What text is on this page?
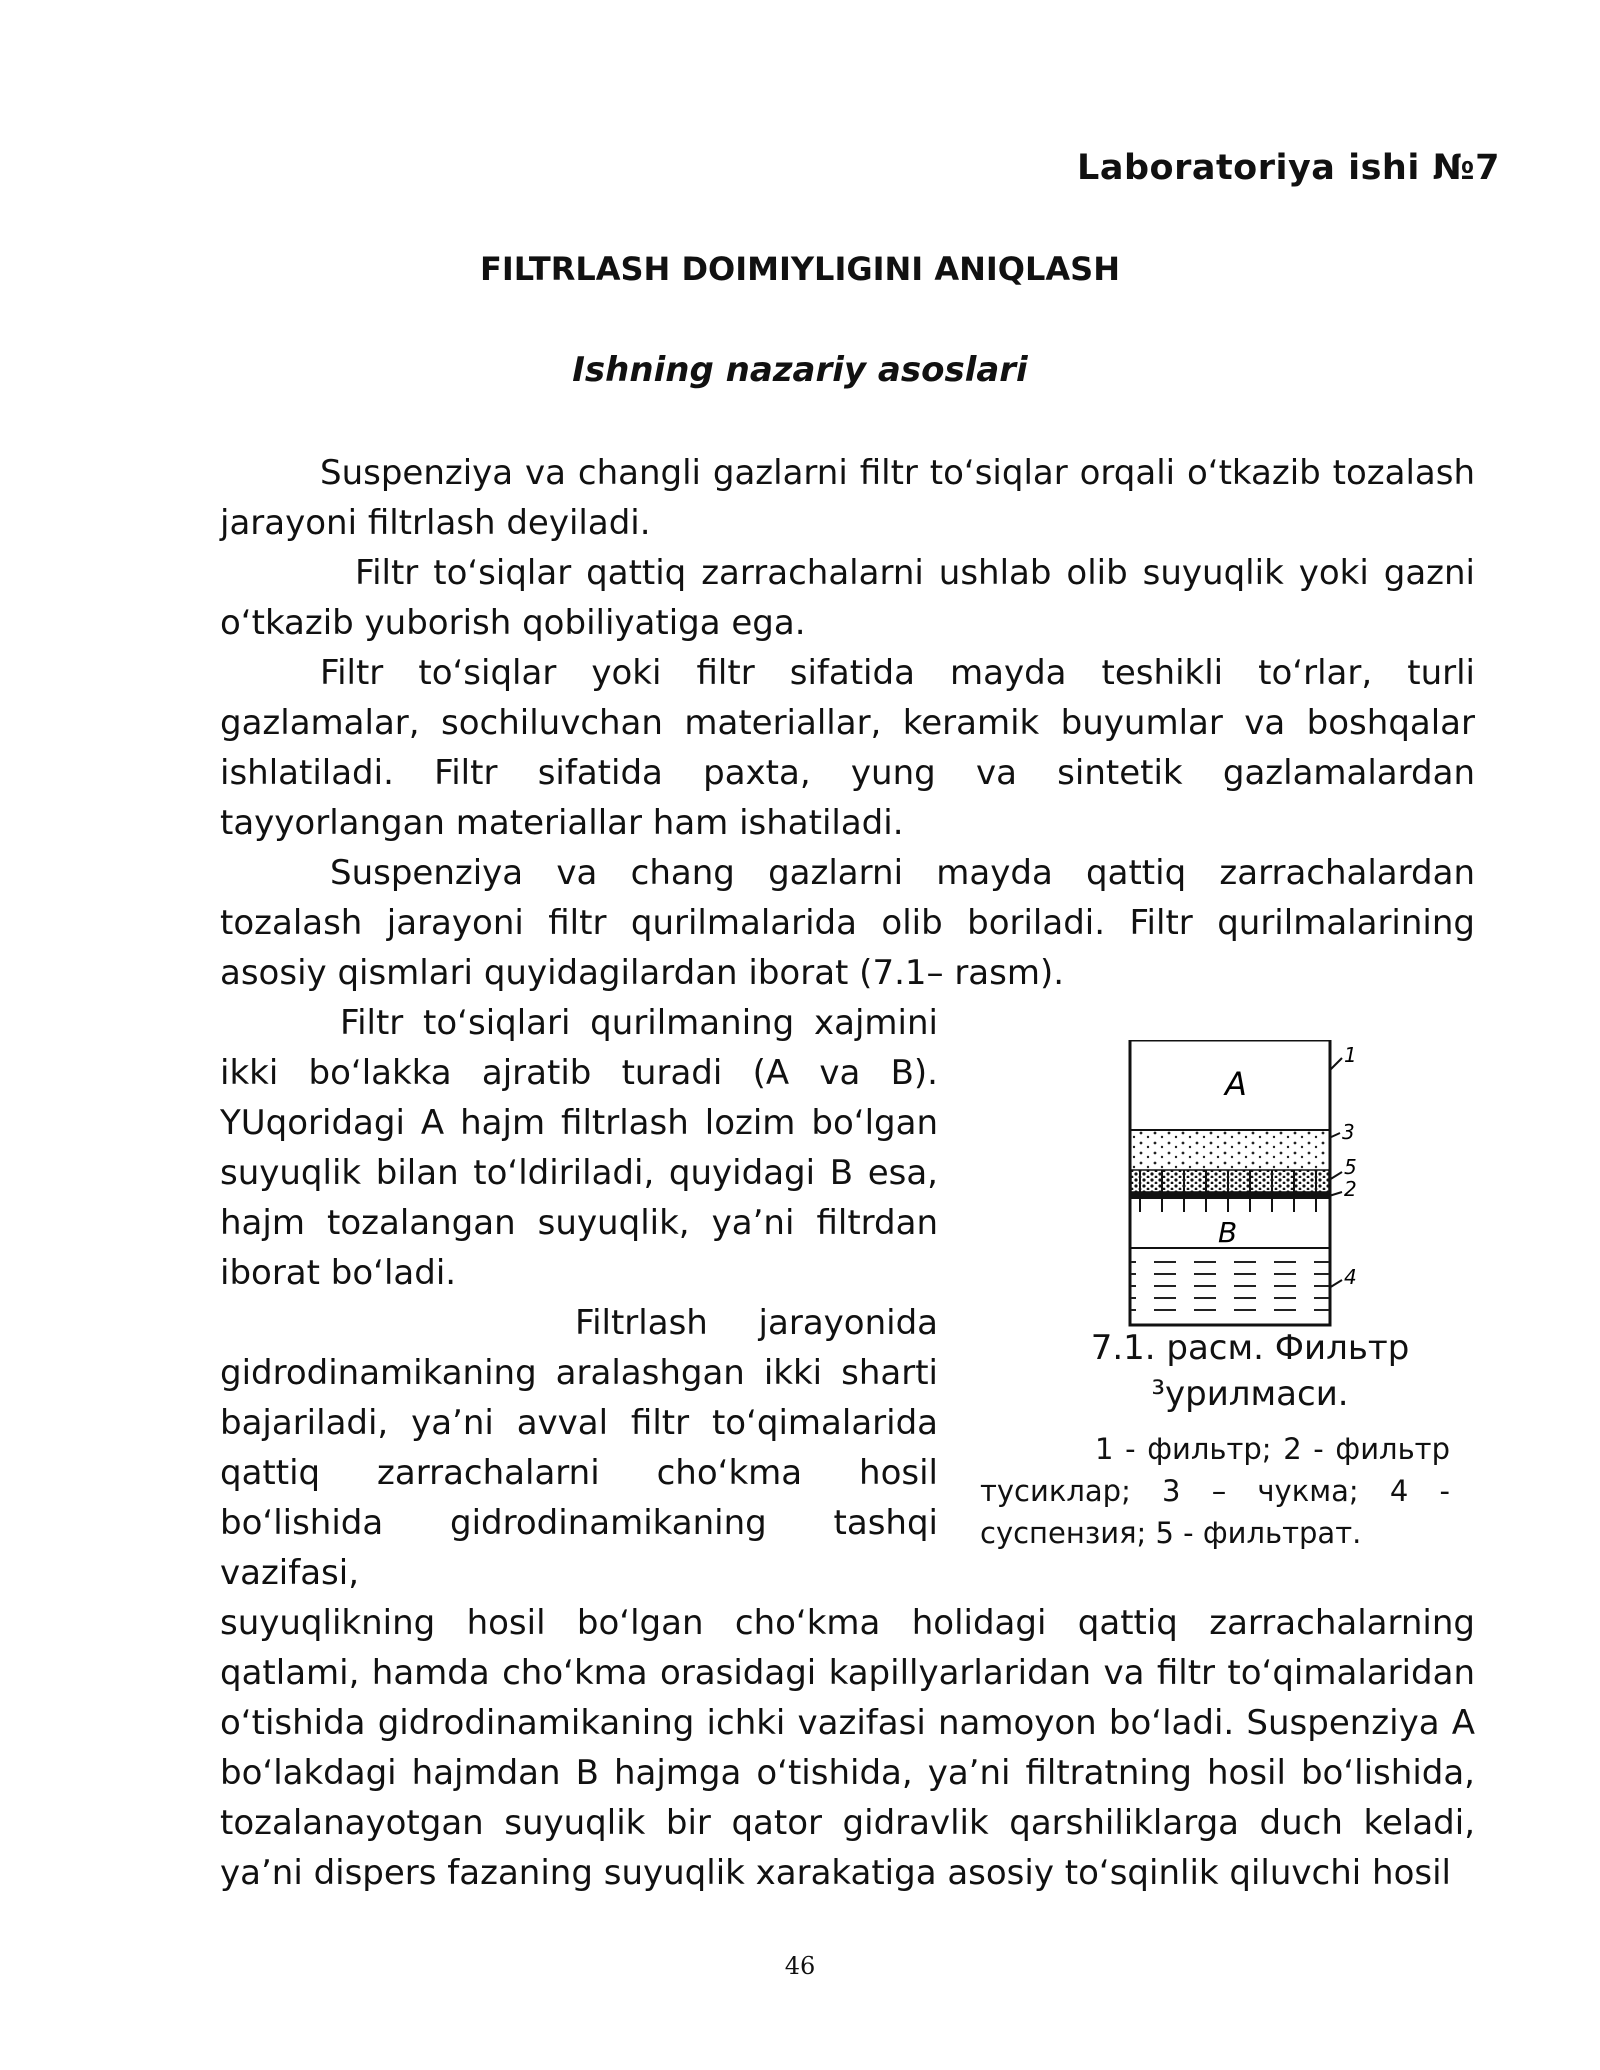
Laboratoriya ishi №7
FILTRLASH DOIMIYLIGINI ANIQLASH
Ishning nazariy asoslari

Suspenziya va changli gazlarni filtr to‘siqlar orqali o‘tkazib tozalash jarayoni filtrlash deyiladi.

Filtr to‘siqlar qattiq zarrachalarni ushlab olib suyuqlik yoki gazni o‘tkazib yuborish qobiliyatiga ega.

Filtr to‘siqlar yoki filtr sifatida mayda teshikli to‘rlar, turli gazlamalar, sochiluvchan materiallar, keramik buyumlar va boshqalar ishlatiladi. Filtr sifatida paxta, yung va sintetik gazlamalardan tayyorlangan materiallar ham ishatiladi.

Suspenziya va chang gazlarni mayda qattiq zarrachalardan tozalash jarayoni filtr qurilmalarida olib boriladi. Filtr qurilmalarining asosiy qismlari quyidagilardan iborat (7.1– rasm).

Filtr to‘siqlari qurilmaning xajmini ikki bo‘lakka ajratib turadi (A va B). YUqoridagi A hajm filtrlash lozim bo‘lgan suyuqlik bilan to‘ldiriladi, quyidagi B esa, hajm tozalangan suyuqlik, ya’ni filtrdan iborat bo‘ladi.

Filtrlash jarayonida gidrodinamikaning aralashgan ikki sharti bajariladi, ya’ni avval filtr to‘qimalarida qattiq zarrachalarni cho‘kma hosil bo‘lishida gidrodinamikaning tashqi vazifasi,

suyuqlikning hosil bo‘lgan cho‘kma holidagi qattiq zarrachalarning qatlami, hamda cho‘kma orasidagi kapillyarlaridan va filtr to‘qimalaridan o‘tishida gidrodinamikaning ichki vazifasi namoyon bo‘ladi. Suspenziya A bo‘lakdagi hajmdan B hajmga o‘tishida, ya’ni filtratning hosil bo‘lishida, tozalanayotgan suyuqlik bir qator gidravlik qarshiliklarga duch keladi, ya’ni dispers fazaning suyuqlik xarakatiga asosiy to‘sqinlik qiluvchi hosil

A
B
1
3
5
2
4

7.1. расм. Фильтр ³урилмаси.

1 - фильтр; 2 - фильтр тусиклар; 3 – чукма; 4 - суспензия; 5 - фильтрат.

46
